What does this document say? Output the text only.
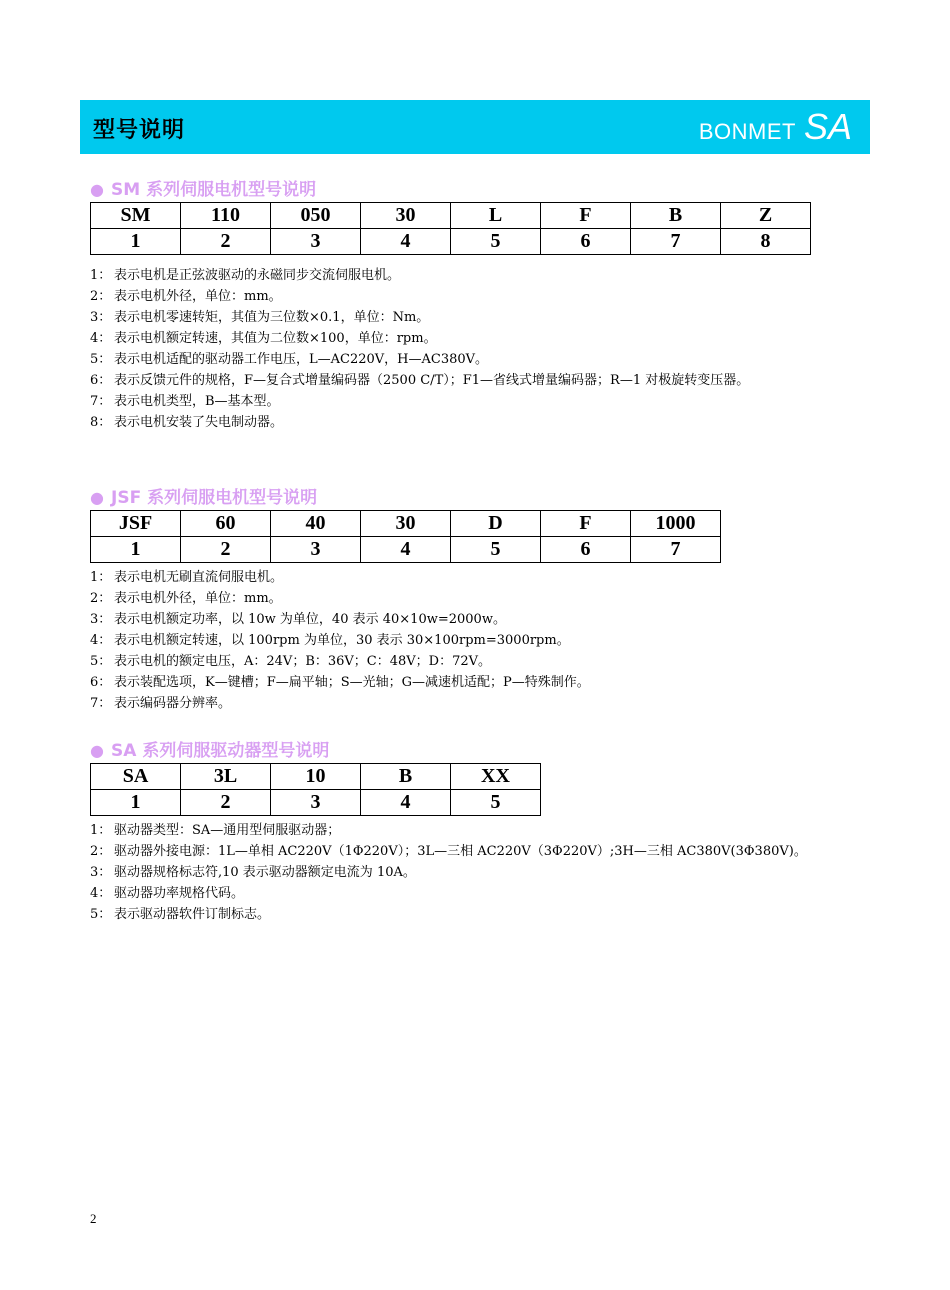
型号说明	BONMET SA
● SM 系列伺服电机型号说明
SM	110	050	30	L	F	B	Z
1	2	3	4	5	6	7	8
1： 表示电机是正弦波驱动的永磁同步交流伺服电机。
2： 表示电机外径，单位：mm。
3： 表示电机零速转矩，其值为三位数×0.1，单位：Nm。
4： 表示电机额定转速，其值为二位数×100，单位：rpm。
5： 表示电机适配的驱动器工作电压，L—AC220V，H—AC380V。
6： 表示反馈元件的规格，F—复合式增量编码器（2500 C/T）；F1—省线式增量编码器；R—1 对极旋转变压器。
7： 表示电机类型，B—基本型。
8： 表示电机安装了失电制动器。
● JSF 系列伺服电机型号说明
JSF	60	40	30	D	F	1000
1	2	3	4	5	6	7
1： 表示电机无刷直流伺服电机。
2： 表示电机外径，单位：mm。
3： 表示电机额定功率，以 10w 为单位，40 表示 40×10w=2000w。
4： 表示电机额定转速，以 100rpm 为单位，30 表示 30×100rpm=3000rpm。
5： 表示电机的额定电压，A：24V；B：36V；C：48V；D：72V。
6： 表示装配选项，K—键槽；F—扁平轴；S—光轴；G—减速机适配；P—特殊制作。
7： 表示编码器分辨率。
● SA 系列伺服驱动器型号说明
SA	3L	10	B	XX
1	2	3	4	5
1： 驱动器类型：SA—通用型伺服驱动器；
2： 驱动器外接电源：1L—单相 AC220V（1Φ220V）；3L—三相 AC220V（3Φ220V）;3H—三相 AC380V(3Φ380V)。
3： 驱动器规格标志符,10 表示驱动器额定电流为 10A。
4： 驱动器功率规格代码。
5： 表示驱动器软件订制标志。
2
